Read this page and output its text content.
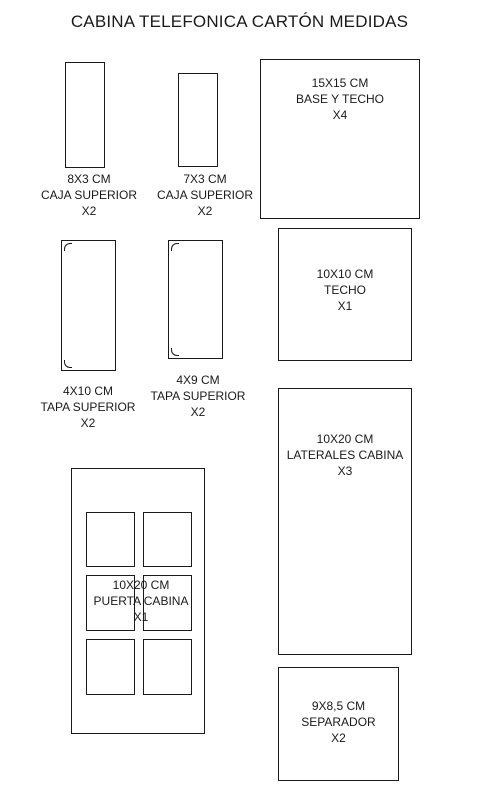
CABINA TELEFONICA CARTÓN MEDIDAS
8X3 CM
CAJA SUPERIOR
X2
7X3 CM
CAJA SUPERIOR
X2
15X15 CM
BASE Y TECHO
X4
4X10 CM
TAPA SUPERIOR
X2
4X9 CM
TAPA SUPERIOR
X2
10X10 CM
TECHO
X1
10X20 CM
LATERALES CABINA
X3
10X20 CM
PUERTA CABINA
X1
9X8,5 CM
SEPARADOR
X2
